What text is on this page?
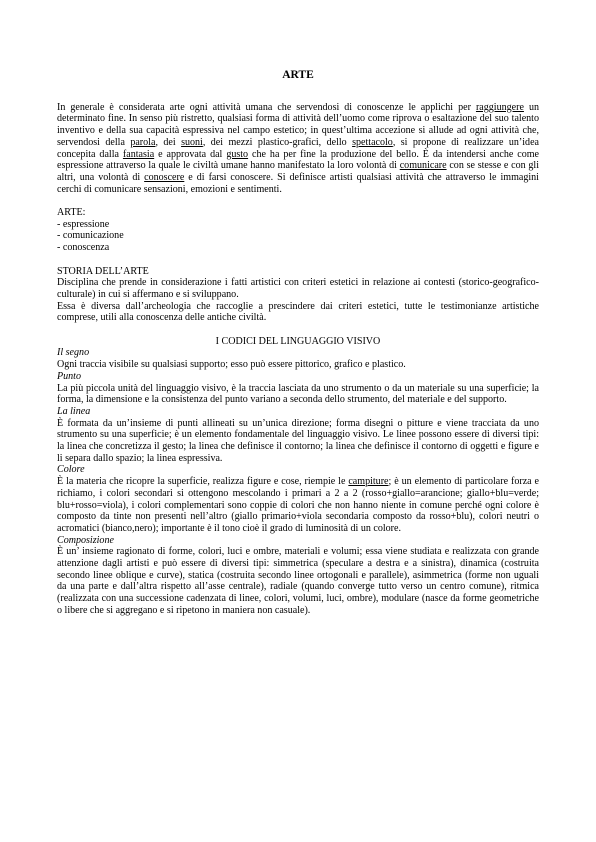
ARTE

In generale è considerata arte ogni attività umana che servendosi di conoscenze le applichi per raggiungere un determinato fine. In senso più ristretto, qualsiasi forma di attività dell’uomo come riprova o esaltazione del suo talento inventivo e della sua capacità espressiva nel campo estetico; in quest’ultima accezione si allude ad ogni attività che, servendosi della parola, dei suoni, dei mezzi plastico-grafici, dello spettacolo, si propone di realizzare un’idea concepita dalla fantasia e approvata dal gusto che ha per fine la produzione del bello. È da intendersi anche come espressione attraverso la quale le civiltà umane hanno manifestato la loro volontà di comunicare con se stesse e con gli altri, una volontà di conoscere e di farsi conoscere. Si definisce artisti qualsiasi attività che attraverso le immagini cerchi di comunicare sensazioni, emozioni e sentimenti.

ARTE:

- espressione

- comunicazione

- conoscenza

STORIA DELL’ARTE

Disciplina che prende in considerazione i fatti artistici con criteri estetici in relazione ai contesti (storico-geografico-culturale) in cui si affermano e si sviluppano.

Essa è diversa dall’archeologia che raccoglie a prescindere dai criteri estetici, tutte le testimonianze artistiche comprese, utili alla conoscenza delle antiche civiltà.

I CODICI DEL LINGUAGGIO VISIVO

Il segno

Ogni traccia visibile su qualsiasi supporto; esso può essere pittorico, grafico e plastico.

Punto

La più piccola unità del linguaggio visivo, è la traccia lasciata da uno strumento o da un materiale su una superficie; la forma, la dimensione e la consistenza del punto variano a seconda dello strumento, del materiale e del supporto.

La linea

È formata da un’insieme di punti allineati su un’unica direzione; forma disegni o pitture e viene tracciata da uno strumento su una superficie; è un elemento fondamentale del linguaggio visivo. Le linee possono essere di diversi tipi: la linea che concretizza il gesto; la linea che definisce il contorno; la linea che definisce il contorno di oggetti e figure e li separa dallo spazio; la linea espressiva.

Colore

È la materia che ricopre la superficie, realizza figure e cose, riempie le campiture; è un elemento di particolare forza e richiamo, i colori secondari si ottengono mescolando i primari a 2 a 2 (rosso+giallo=arancione; giallo+blu=verde; blu+rosso=viola), i colori complementari sono coppie di colori che non hanno niente in comune perché ogni colore è composto da tinte non presenti nell’altro (giallo primario+viola secondaria composto da rosso+blu), colori neutri o acromatici (bianco,nero); importante è il tono cioè il grado di luminosità di un colore.

Composizione

È un’ insieme ragionato di forme, colori, luci e ombre, materiali e volumi; essa viene studiata e realizzata con grande attenzione dagli artisti e può essere di diversi tipi: simmetrica (speculare a destra e a sinistra), dinamica (costruita secondo linee oblique e curve), statica (costruita secondo linee ortogonali e parallele), asimmetrica (forme non uguali da una parte e dall’altra rispetto all’asse centrale), radiale (quando converge tutto verso un centro comune), ritmica (realizzata con una successione cadenzata di linee, colori, volumi, luci, ombre), modulare (nasce da forme geometriche o libere che si aggregano e si ripetono in maniera non casuale).
